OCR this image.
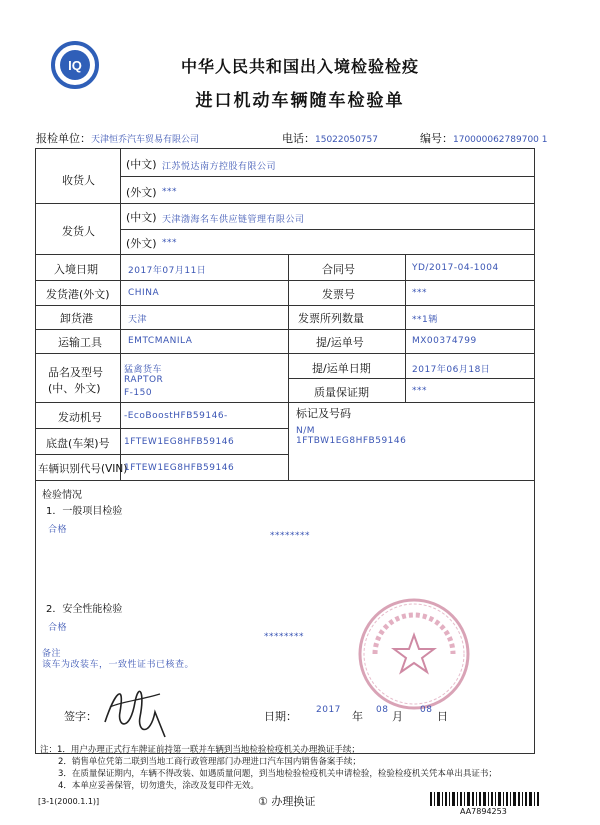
IQ	中华人民共和国出入境检验检疫
进口机动车辆随车检验单
报检单位：天津恒乔汽车贸易有限公司	电话：15022050757	编号：170000062789700 1
收货人
(中文) 江苏悦达南方控股有限公司
(外文) ***
发货人
(中文) 天津渤海名车供应链管理有限公司
(外文) ***
入境日期	2017年07月11日	合同号	YD/2017-04-1004
发货港(外文) CHINA	发票号	***
卸货港	天津	发票所列数量	**1辆
运输工具	EMTCMANILA	提/运单号	MX00374799
品名及型号
(中、外文)
猛禽货车
RAPTOR
F-150
提/运单日期	2017年06月18日
质量保证期	***
发动机号 -EcoBoostHFB59146-	标记及号码
N/M
1FTBW1EG8HFB59146
底盘(车架)号 1FTEW1EG8HFB59146
车辆识别代号(VIN)
1FTEW1EG8HFB59146
检验情况
1．一般项目检验
合格
********
2．安全性能检验
合格
********
备注
该车为改装车，一致性证书已核查。
签字：	日期： 2017 年 08 月 08 日
注：1．用户办理正式行车牌证前持第一联并车辆到当地检验检疫机关办理换证手续；
2．销售单位凭第二联到当地工商行政管理部门办理进口汽车国内销售备案手续；
3．在质量保证期内，车辆不得改装、如遇质量问题，到当地检验检疫机关申请检验，检验检疫机关凭本单出具证书；
4．本单应妥善保管，切勿遗失，涂改及复印件无效。
[3-1(2000.1.1)]	① 办理换证
AA7894253
